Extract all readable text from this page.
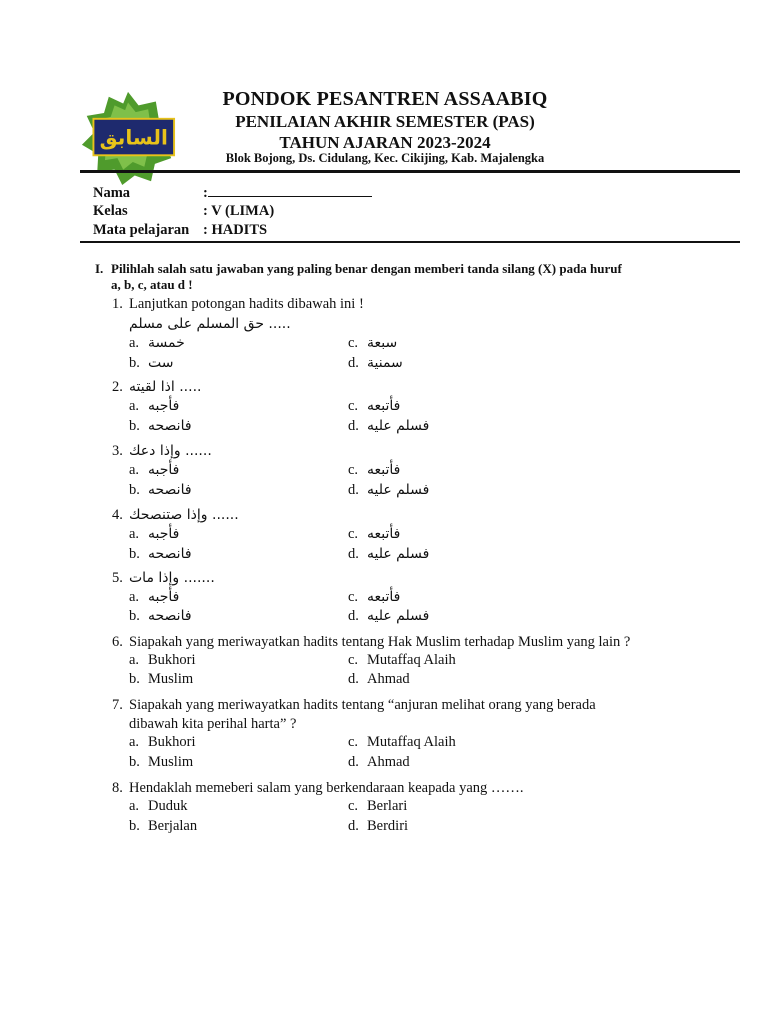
السابق
PONDOK PESANTREN ASSAABIQ
PENILAIAN AKHIR SEMESTER (PAS)
TAHUN AJARAN 2023-2024
Blok Bojong, Ds. Cidulang, Kec. Cikijing, Kab. Majalengka
Nama	:
Kelas	: V (LIMA)
Mata pelajaran : HADITS
I. Pilihlah salah satu jawaban yang paling benar dengan memberi tanda silang (X) pada huruf
a, b, c, atau d !
1. Lanjutkan potongan hadits dibawah ini !
حق المسلم على مسلم .....
a. خمسة	c. سبعة
b. ست	d. سمنية
2. اذا لقيته .....
a. فأجبه	c. فأتبعه
b. فانصحه	d. فسلم عليه
3. وإذا دعك ......
a. فأجبه	c. فأتبعه
b. فانصحه	d. فسلم عليه
4. وإذا صتنصحك ......
a. فأجبه	c. فأتبعه
b. فانصحه	d. فسلم عليه
5. وإذا مات .......
a. فأجبه	c. فأتبعه
b. فانصحه	d. فسلم عليه
6. Siapakah yang meriwayatkan hadits tentang Hak Muslim terhadap Muslim yang lain ?
a. Bukhori	c. Mutaffaq Alaih
b. Muslim	d. Ahmad
7. Siapakah yang meriwayatkan hadits tentang “anjuran melihat orang yang berada
dibawah kita perihal harta” ?
a. Bukhori	c. Mutaffaq Alaih
b. Muslim	d. Ahmad
8. Hendaklah memeberi salam yang berkendaraan keapada yang …….
a. Duduk	c. Berlari
b. Berjalan	d. Berdiri
